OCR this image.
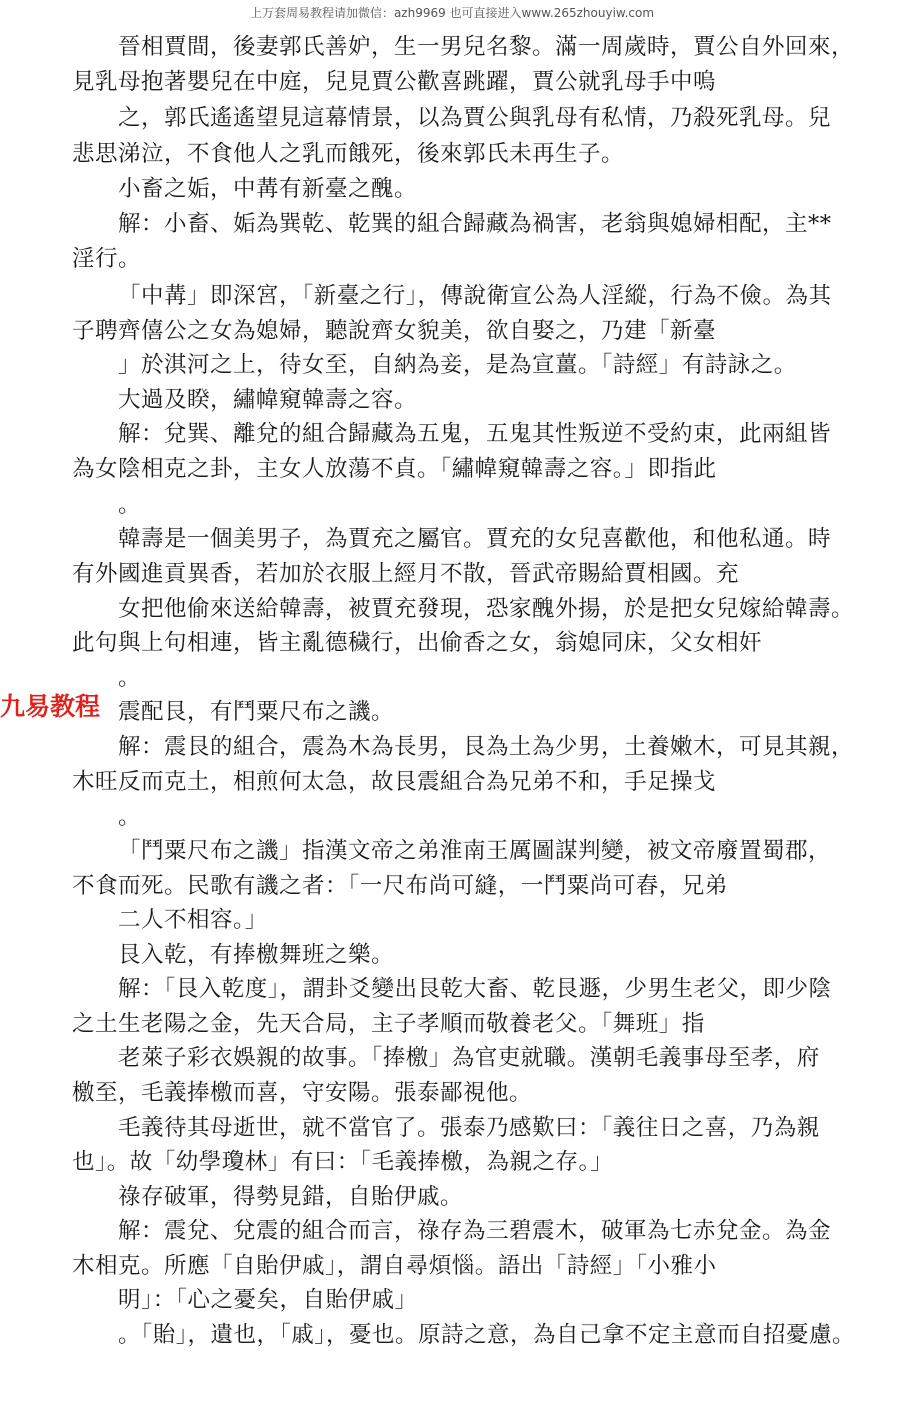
上万套周易教程请加微信：azh9969 也可直接进入www.265zhouyiw.com
晉相賈間，後妻郭氏善妒，生一男兒名黎。滿一周歲時，賈公自外回來，
見乳母抱著嬰兒在中庭，兒見賈公歡喜跳躍，賈公就乳母手中嗚
之，郭氏遙遙望見這幕情景，以為賈公與乳母有私情，乃殺死乳母。兒
悲思涕泣，不食他人之乳而餓死，後來郭氏未再生子。
小畜之姤，中冓有新臺之醜。
解：小畜、姤為巽乾、乾巽的組合歸藏為禍害，老翁與媳婦相配，主**
淫行。
「中冓」即深宮，「新臺之行」，傳說衛宣公為人淫縱，行為不儉。為其
子聘齊僖公之女為媳婦，聽說齊女貌美，欲自娶之，乃建「新臺
」於淇河之上，待女至，自納為妾，是為宣薑。「詩經」有詩詠之。
大過及睽，繡幃窺韓壽之容。
解：兌巽、離兌的組合歸藏為五鬼，五鬼其性叛逆不受約束，此兩組皆
為女陰相克之卦，主女人放蕩不貞。「繡幃窺韓壽之容。」即指此
。
韓壽是一個美男子，為賈充之屬官。賈充的女兒喜歡他，和他私通。時
有外國進貢異香，若加於衣服上經月不散，晉武帝賜給賈相國。充
女把他偷來送給韓壽，被賈充發現，恐家醜外揚，於是把女兒嫁給韓壽。
此句與上句相連，皆主亂德穢行，出偷香之女，翁媳同床，父女相奸
。
震配艮，有鬥粟尺布之譏。
解：震艮的組合，震為木為長男，艮為土為少男，土養嫩木，可見其親，
木旺反而克土，相煎何太急，故艮震組合為兄弟不和，手足操戈
。
「鬥粟尺布之譏」指漢文帝之弟淮南王厲圖謀判變，被文帝廢置蜀郡，
不食而死。民歌有譏之者：「一尺布尚可縫，一鬥粟尚可舂，兄弟
二人不相容。」
艮入乾，有捧檄舞班之樂。
解：「艮入乾度」，謂卦爻變出艮乾大畜、乾艮遯，少男生老父，即少陰
之土生老陽之金，先天合局，主子孝順而敬養老父。「舞班」指
老萊子彩衣娛親的故事。「捧檄」為官吏就職。漢朝毛義事母至孝，府
檄至，毛義捧檄而喜，守安陽。張泰鄙視他。
毛義待其母逝世，就不當官了。張泰乃感歎曰：「義往日之喜，乃為親
也」。故「幼學瓊林」有曰：「毛義捧檄，為親之存。」
祿存破軍，得勢見錯，自貽伊戚。
解：震兌、兌震的組合而言，祿存為三碧震木，破軍為七赤兌金。為金
木相克。所應「自貽伊戚」，謂自尋煩惱。語出「詩經」「小雅小
明」：「心之憂矣，自貽伊戚」
。「貽」，遺也，「戚」，憂也。原詩之意，為自己拿不定主意而自招憂慮。
九易教程
